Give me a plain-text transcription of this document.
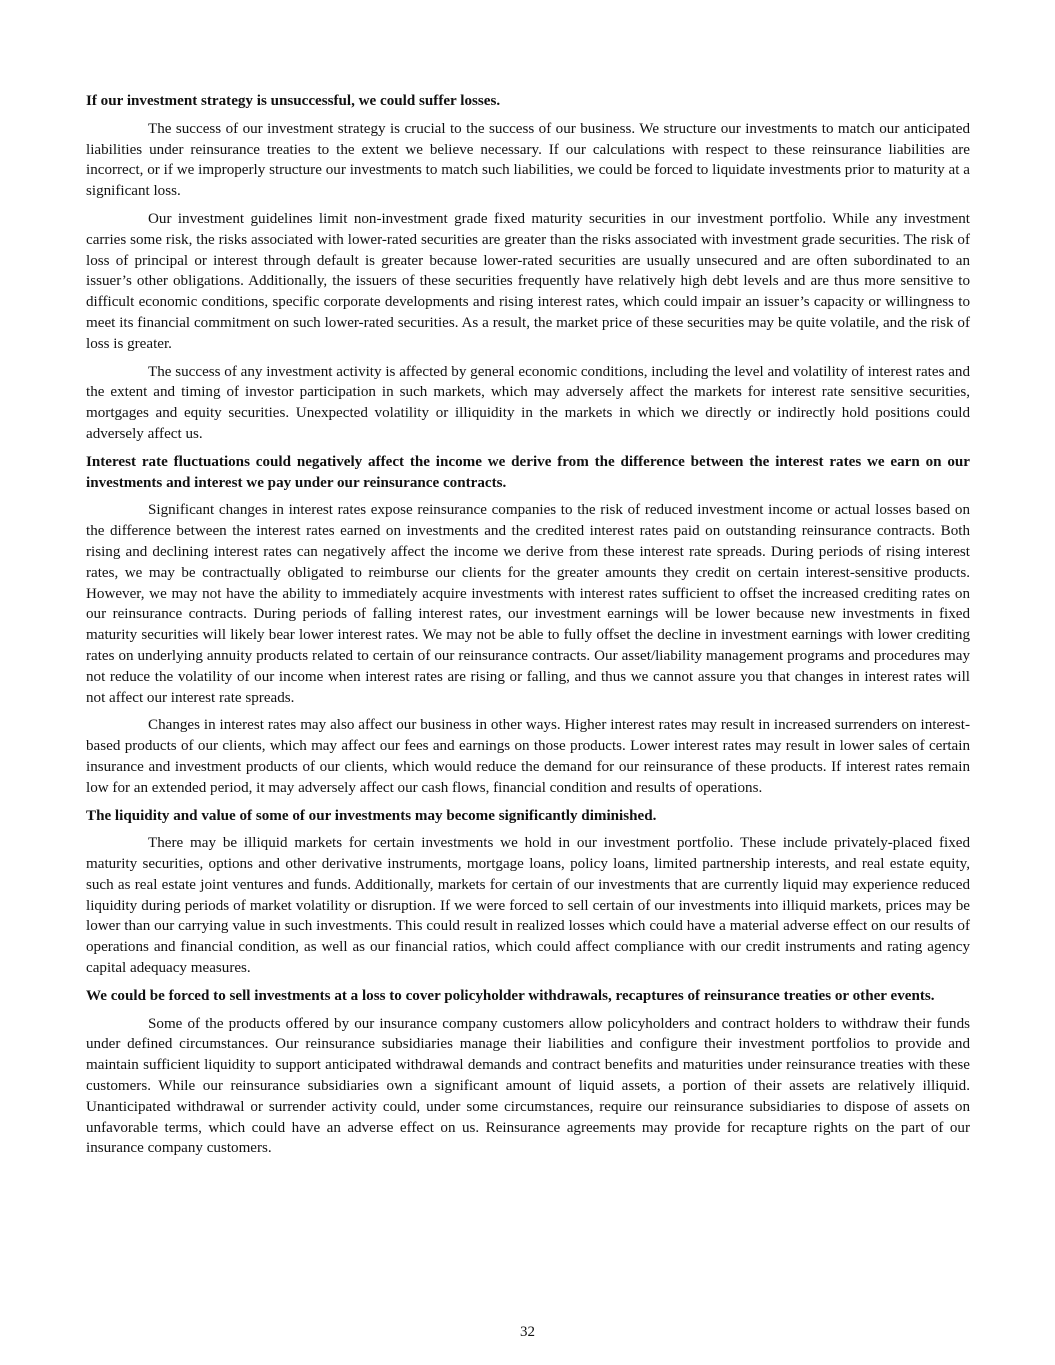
If our investment strategy is unsuccessful, we could suffer losses.

The success of our investment strategy is crucial to the success of our business. We structure our investments to match our anticipated liabilities under reinsurance treaties to the extent we believe necessary. If our calculations with respect to these reinsurance liabilities are incorrect, or if we improperly structure our investments to match such liabilities, we could be forced to liquidate investments prior to maturity at a significant loss.

Our investment guidelines limit non-investment grade fixed maturity securities in our investment portfolio. While any investment carries some risk, the risks associated with lower-rated securities are greater than the risks associated with investment grade securities. The risk of loss of principal or interest through default is greater because lower-rated securities are usually unsecured and are often subordinated to an issuer’s other obligations. Additionally, the issuers of these securities frequently have relatively high debt levels and are thus more sensitive to difficult economic conditions, specific corporate developments and rising interest rates, which could impair an issuer’s capacity or willingness to meet its financial commitment on such lower-rated securities. As a result, the market price of these securities may be quite volatile, and the risk of loss is greater.

The success of any investment activity is affected by general economic conditions, including the level and volatility of interest rates and the extent and timing of investor participation in such markets, which may adversely affect the markets for interest rate sensitive securities, mortgages and equity securities. Unexpected volatility or illiquidity in the markets in which we directly or indirectly hold positions could adversely affect us.

Interest rate fluctuations could negatively affect the income we derive from the difference between the interest rates we earn on our investments and interest we pay under our reinsurance contracts.

Significant changes in interest rates expose reinsurance companies to the risk of reduced investment income or actual losses based on the difference between the interest rates earned on investments and the credited interest rates paid on outstanding reinsurance contracts. Both rising and declining interest rates can negatively affect the income we derive from these interest rate spreads. During periods of rising interest rates, we may be contractually obligated to reimburse our clients for the greater amounts they credit on certain interest-sensitive products. However, we may not have the ability to immediately acquire investments with interest rates sufficient to offset the increased crediting rates on our reinsurance contracts. During periods of falling interest rates, our investment earnings will be lower because new investments in fixed maturity securities will likely bear lower interest rates. We may not be able to fully offset the decline in investment earnings with lower crediting rates on underlying annuity products related to certain of our reinsurance contracts. Our asset/liability management programs and procedures may not reduce the volatility of our income when interest rates are rising or falling, and thus we cannot assure you that changes in interest rates will not affect our interest rate spreads.

Changes in interest rates may also affect our business in other ways. Higher interest rates may result in increased surrenders on interest-based products of our clients, which may affect our fees and earnings on those products. Lower interest rates may result in lower sales of certain insurance and investment products of our clients, which would reduce the demand for our reinsurance of these products. If interest rates remain low for an extended period, it may adversely affect our cash flows, financial condition and results of operations.

The liquidity and value of some of our investments may become significantly diminished.

There may be illiquid markets for certain investments we hold in our investment portfolio. These include privately-placed fixed maturity securities, options and other derivative instruments, mortgage loans, policy loans, limited partnership interests, and real estate equity, such as real estate joint ventures and funds. Additionally, markets for certain of our investments that are currently liquid may experience reduced liquidity during periods of market volatility or disruption. If we were forced to sell certain of our investments into illiquid markets, prices may be lower than our carrying value in such investments. This could result in realized losses which could have a material adverse effect on our results of operations and financial condition, as well as our financial ratios, which could affect compliance with our credit instruments and rating agency capital adequacy measures.

We could be forced to sell investments at a loss to cover policyholder withdrawals, recaptures of reinsurance treaties or other events.

Some of the products offered by our insurance company customers allow policyholders and contract holders to withdraw their funds under defined circumstances. Our reinsurance subsidiaries manage their liabilities and configure their investment portfolios to provide and maintain sufficient liquidity to support anticipated withdrawal demands and contract benefits and maturities under reinsurance treaties with these customers. While our reinsurance subsidiaries own a significant amount of liquid assets, a portion of their assets are relatively illiquid. Unanticipated withdrawal or surrender activity could, under some circumstances, require our reinsurance subsidiaries to dispose of assets on unfavorable terms, which could have an adverse effect on us. Reinsurance agreements may provide for recapture rights on the part of our insurance company customers.

32
